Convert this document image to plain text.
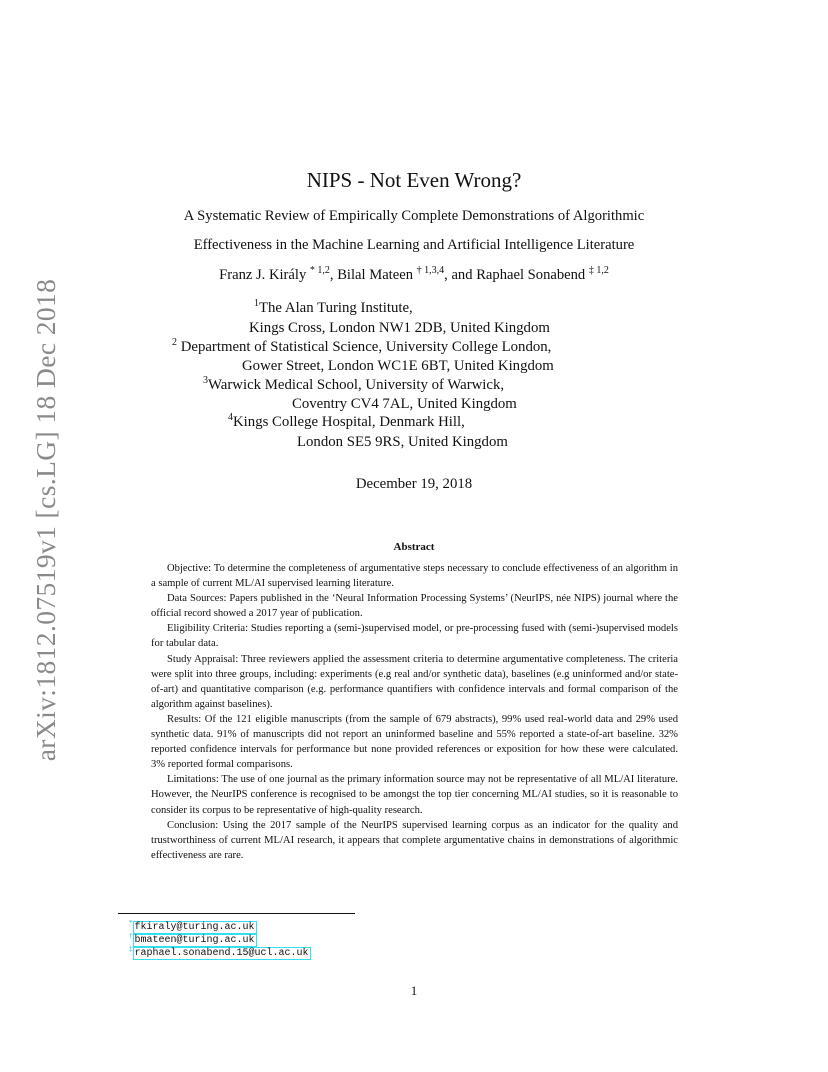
arXiv:1812.07519v1 [cs.LG] 18 Dec 2018
NIPS - Not Even Wrong?
A Systematic Review of Empirically Complete Demonstrations of Algorithmic Effectiveness in the Machine Learning and Artificial Intelligence Literature
Franz J. Király $^{* 1,2}$, Bilal Mateen $^{\dagger 1,3,4}$, and Raphael Sonabend $^{\ddagger 1,2}$
$^1$The Alan Turing Institute,
Kings Cross, London NW1 2DB, United Kingdom
$^2$ Department of Statistical Science, University College London,
Gower Street, London WC1E 6BT, United Kingdom
$^3$Warwick Medical School, University of Warwick,
Coventry CV4 7AL, United Kingdom
$^4$Kings College Hospital, Denmark Hill,
London SE5 9RS, United Kingdom
December 19, 2018
Abstract

Objective: To determine the completeness of argumentative steps necessary to conclude effectiveness of an algorithm in a sample of current ML/AI supervised learning literature.

Data Sources: Papers published in the ‘Neural Information Processing Systems’ (NeurIPS, née NIPS) journal where the official record showed a 2017 year of publication.

Eligibility Criteria: Studies reporting a (semi-)supervised model, or pre-processing fused with (semi-)supervised models for tabular data.

Study Appraisal: Three reviewers applied the assessment criteria to determine argumentative completeness. The criteria were split into three groups, including: experiments (e.g real and/or synthetic data), baselines (e.g uninformed and/or state-of-art) and quantitative comparison (e.g. performance quantifiers with confidence intervals and formal comparison of the algorithm against baselines).

Results: Of the 121 eligible manuscripts (from the sample of 679 abstracts), 99% used real-world data and 29% used synthetic data. 91% of manuscripts did not report an uninformed baseline and 55% reported a state-of-art baseline. 32% reported confidence intervals for performance but none provided references or exposition for how these were calculated. 3% reported formal comparisons.

Limitations: The use of one journal as the primary information source may not be representative of all ML/AI literature. However, the NeurIPS conference is recognised to be amongst the top tier concerning ML/AI studies, so it is reasonable to consider its corpus to be representative of high-quality research.

Conclusion: Using the 2017 sample of the NeurIPS supervised learning corpus as an indicator for the quality and trustworthiness of current ML/AI research, it appears that complete argumentative chains in demonstrations of algorithmic effectiveness are rare.

* fkiraly@turing.ac.uk
† bmateen@turing.ac.uk
‡ raphael.sonabend.15@ucl.ac.uk
1
